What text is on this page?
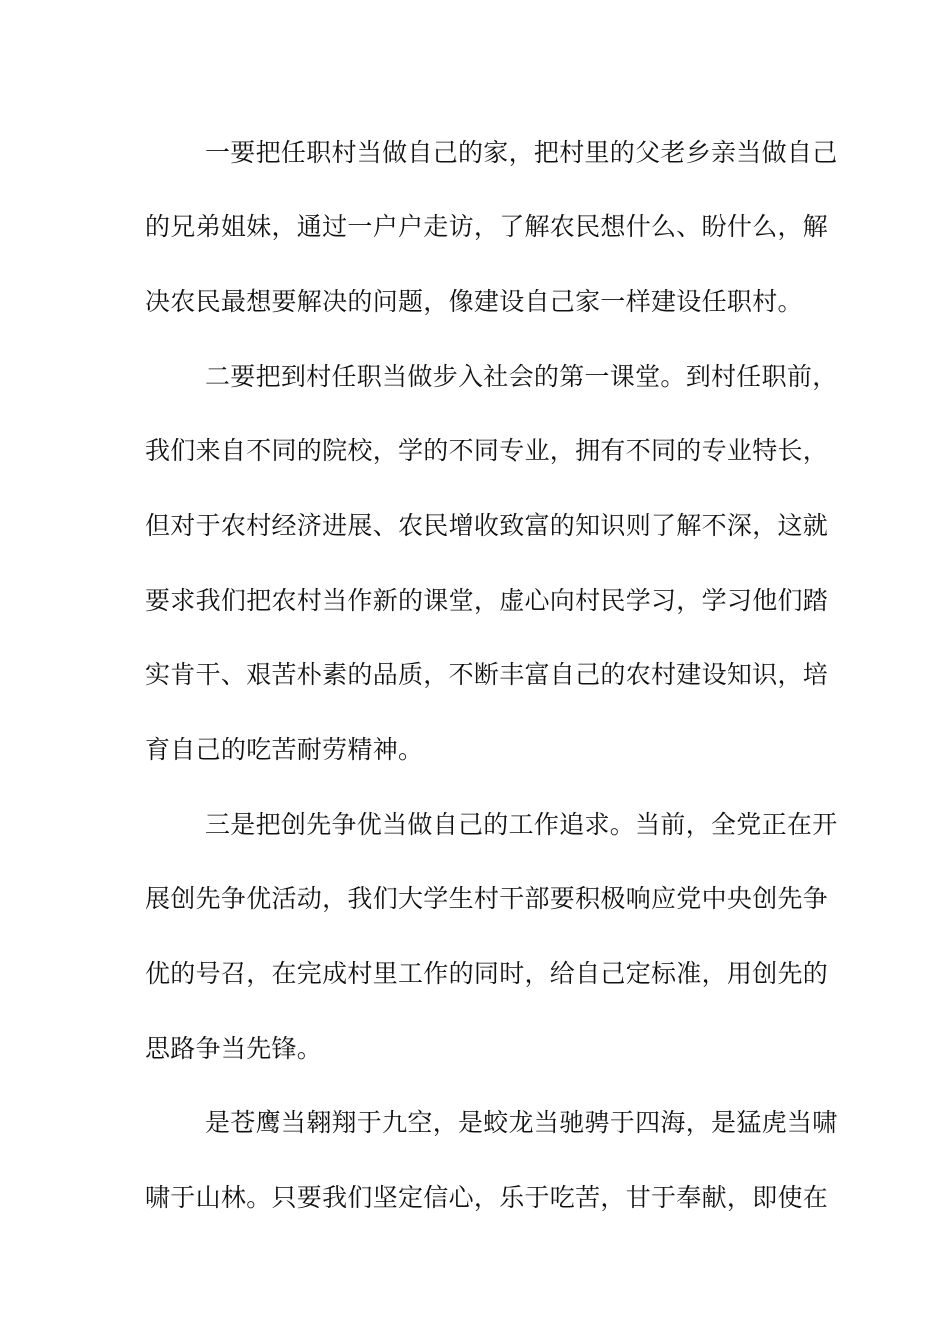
一要把任职村当做自己的家，把村里的父老乡亲当做自己
的兄弟姐妹，通过一户户走访，了解农民想什么、盼什么，解
决农民最想要解决的问题，像建设自己家一样建设任职村。
二要把到村任职当做步入社会的第一课堂。到村任职前，
我们来自不同的院校，学的不同专业，拥有不同的专业特长，
但对于农村经济进展、农民增收致富的知识则了解不深，这就
要求我们把农村当作新的课堂，虚心向村民学习，学习他们踏
实肯干、艰苦朴素的品质，不断丰富自己的农村建设知识，培
育自己的吃苦耐劳精神。
三是把创先争优当做自己的工作追求。当前，全党正在开
展创先争优活动，我们大学生村干部要积极响应党中央创先争
优的号召，在完成村里工作的同时，给自己定标准，用创先的
思路争当先锋。
是苍鹰当翱翔于九空，是蛟龙当驰骋于四海，是猛虎当啸
啸于山林。只要我们坚定信心，乐于吃苦，甘于奉献，即使在
